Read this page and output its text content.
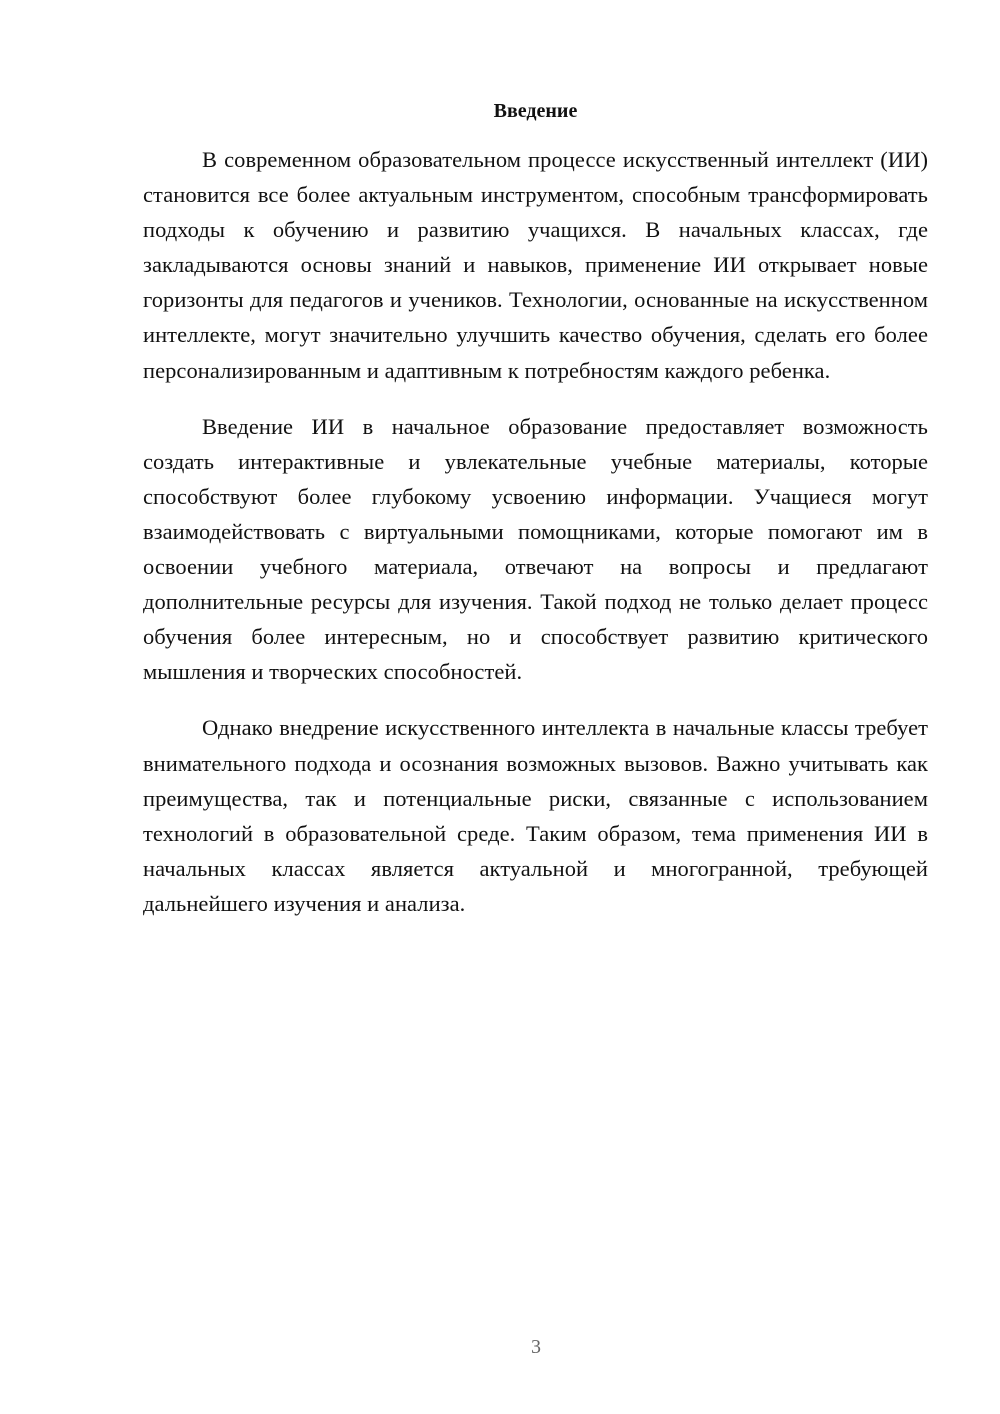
Введение

В современном образовательном процессе искусственный интеллект (ИИ) становится все более актуальным инструментом, способным трансформировать подходы к обучению и развитию учащихся. В начальных классах, где закладываются основы знаний и навыков, применение ИИ открывает новые горизонты для педагогов и учеников. Технологии, основанные на искусственном интеллекте, могут значительно улучшить качество обучения, сделать его более персонализированным и адаптивным к потребностям каждого ребенка.

Введение ИИ в начальное образование предоставляет возможность создать интерактивные и увлекательные учебные материалы, которые способствуют более глубокому усвоению информации. Учащиеся могут взаимодействовать с виртуальными помощниками, которые помогают им в освоении учебного материала, отвечают на вопросы и предлагают дополнительные ресурсы для изучения. Такой подход не только делает процесс обучения более интересным, но и способствует развитию критического мышления и творческих способностей.

Однако внедрение искусственного интеллекта в начальные классы требует внимательного подхода и осознания возможных вызовов. Важно учитывать как преимущества, так и потенциальные риски, связанные с использованием технологий в образовательной среде. Таким образом, тема применения ИИ в начальных классах является актуальной и многогранной, требующей дальнейшего изучения и анализа.

3
